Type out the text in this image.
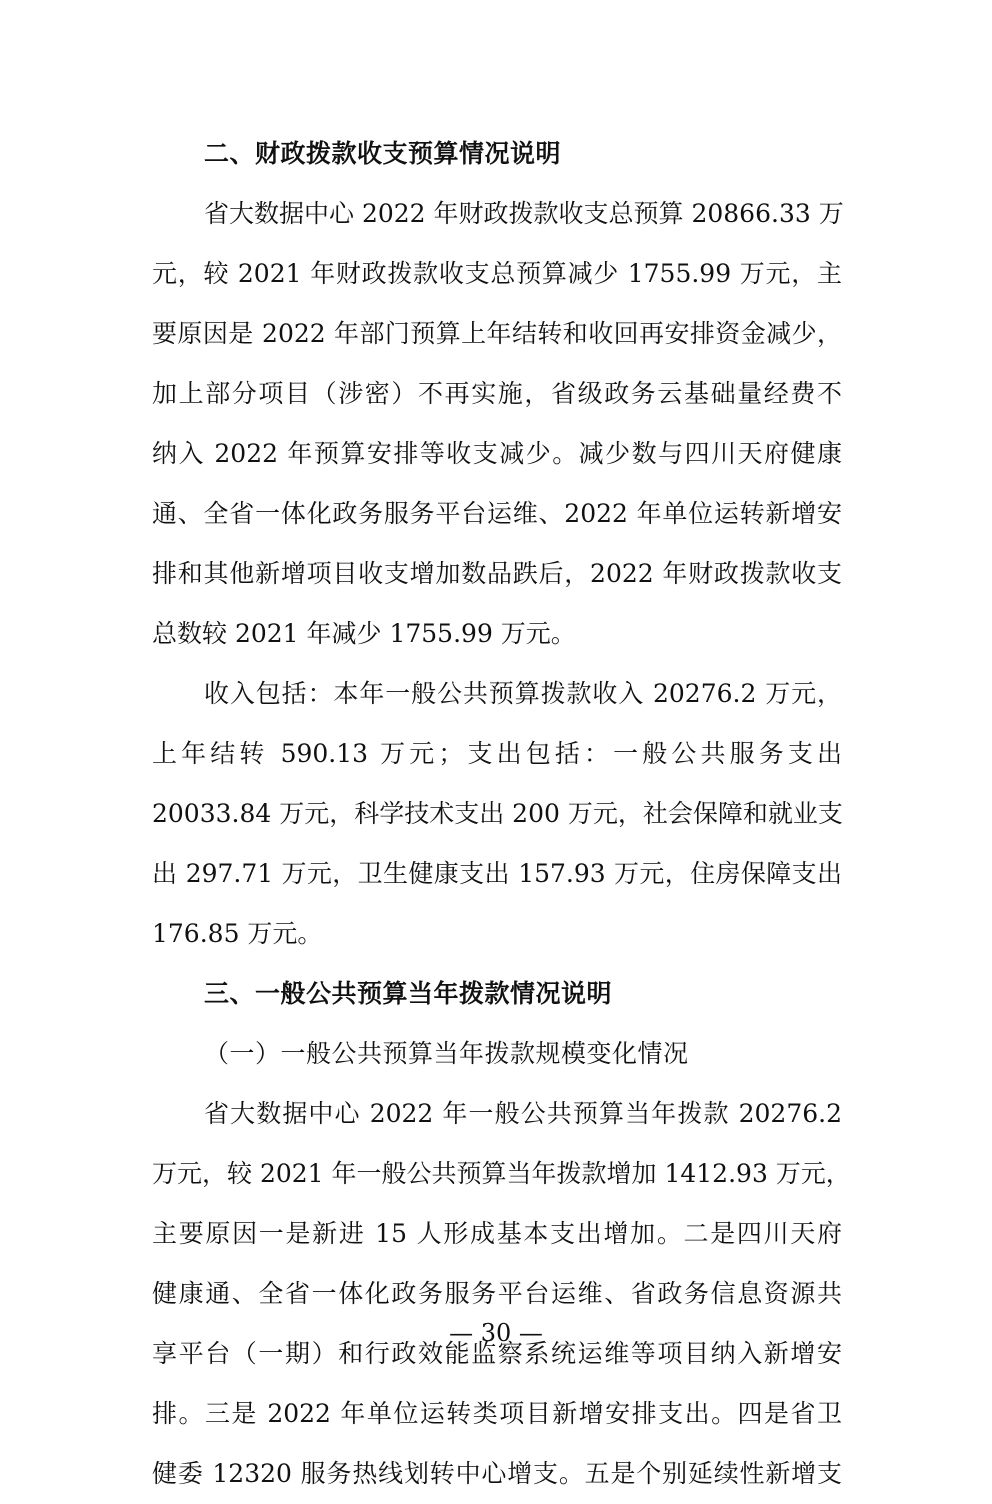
二、财政拨款收支预算情况说明
省大数据中心 2022 年财政拨款收支总预算 20866.33 万
元，较 2021 年财政拨款收支总预算减少 1755.99 万元，主
要原因是 2022 年部门预算上年结转和收回再安排资金减少，
加上部分项目（涉密）不再实施，省级政务云基础量经费不
纳入 2022 年预算安排等收支减少。减少数与四川天府健康
通、全省一体化政务服务平台运维、2022 年单位运转新增安
排和其他新增项目收支增加数品跌后，2022 年财政拨款收支
总数较 2021 年减少 1755.99 万元。
收入包括：本年一般公共预算拨款收入 20276.2 万元，
上年结转 590.13 万元；支出包括：一般公共服务支出
20033.84 万元，科学技术支出 200 万元，社会保障和就业支
出 297.71 万元，卫生健康支出 157.93 万元，住房保障支出
176.85 万元。
三、一般公共预算当年拨款情况说明
（一）一般公共预算当年拨款规模变化情况
省大数据中心 2022 年一般公共预算当年拨款 20276.2
万元，较 2021 年一般公共预算当年拨款增加 1412.93 万元，
主要原因一是新进 15 人形成基本支出增加。二是四川天府
健康通、全省一体化政务服务平台运维、省政务信息资源共
享平台（一期）和行政效能监察系统运维等项目纳入新增安
排。三是 2022 年单位运转类项目新增安排支出。四是省卫
健委 12320 服务热线划转中心增支。五是个别延续性新增支
— 30 —
